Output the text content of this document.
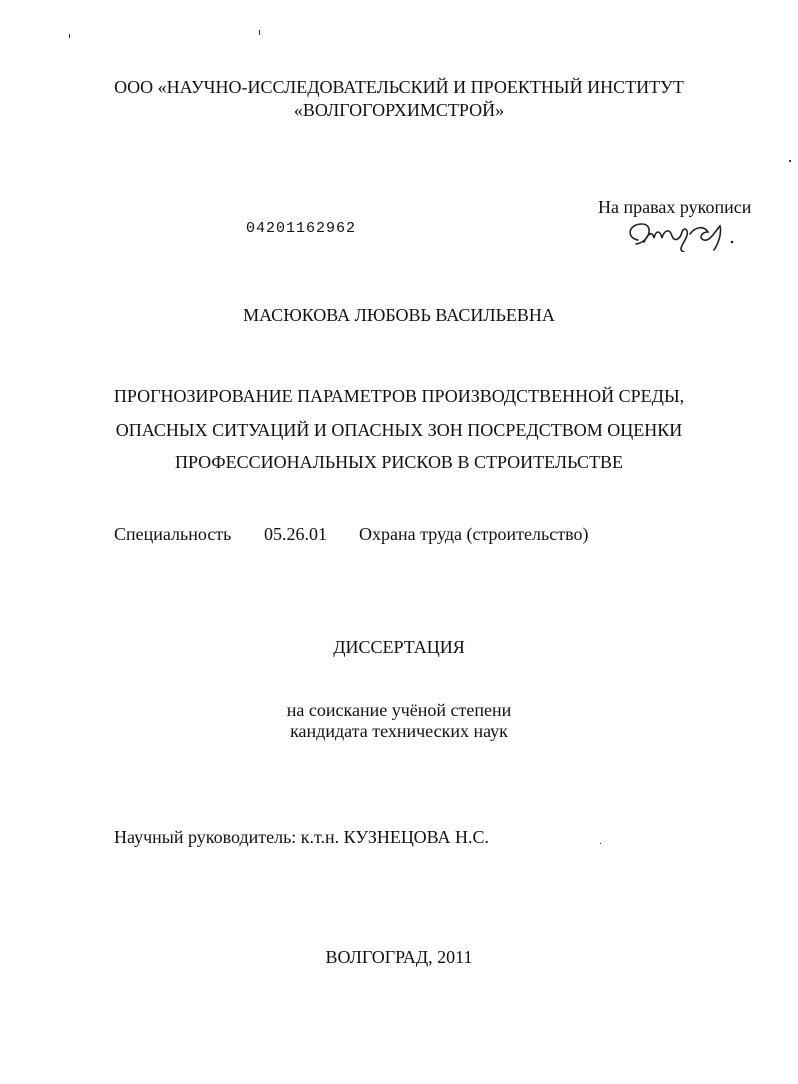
ООО «НАУЧНО-ИССЛЕДОВАТЕЛЬСКИЙ И ПРОЕКТНЫЙ ИНСТИТУТ
«ВОЛГОГОРХИМСТРОЙ»
На правах рукописи
04201162962
МАСЮКОВА ЛЮБОВЬ ВАСИЛЬЕВНА
ПРОГНОЗИРОВАНИЕ ПАРАМЕТРОВ ПРОИЗВОДСТВЕННОЙ СРЕДЫ,
ОПАСНЫХ СИТУАЦИЙ И ОПАСНЫХ ЗОН ПОСРЕДСТВОМ ОЦЕНКИ
ПРОФЕССИОНАЛЬНЫХ РИСКОВ В СТРОИТЕЛЬСТВЕ
Специальность 05.26.01 Охрана труда (строительство)
ДИССЕРТАЦИЯ
на соискание учёной степени
кандидата технических наук
Научный руководитель: к.т.н. КУЗНЕЦОВА Н.С.
ВОЛГОГРАД, 2011
